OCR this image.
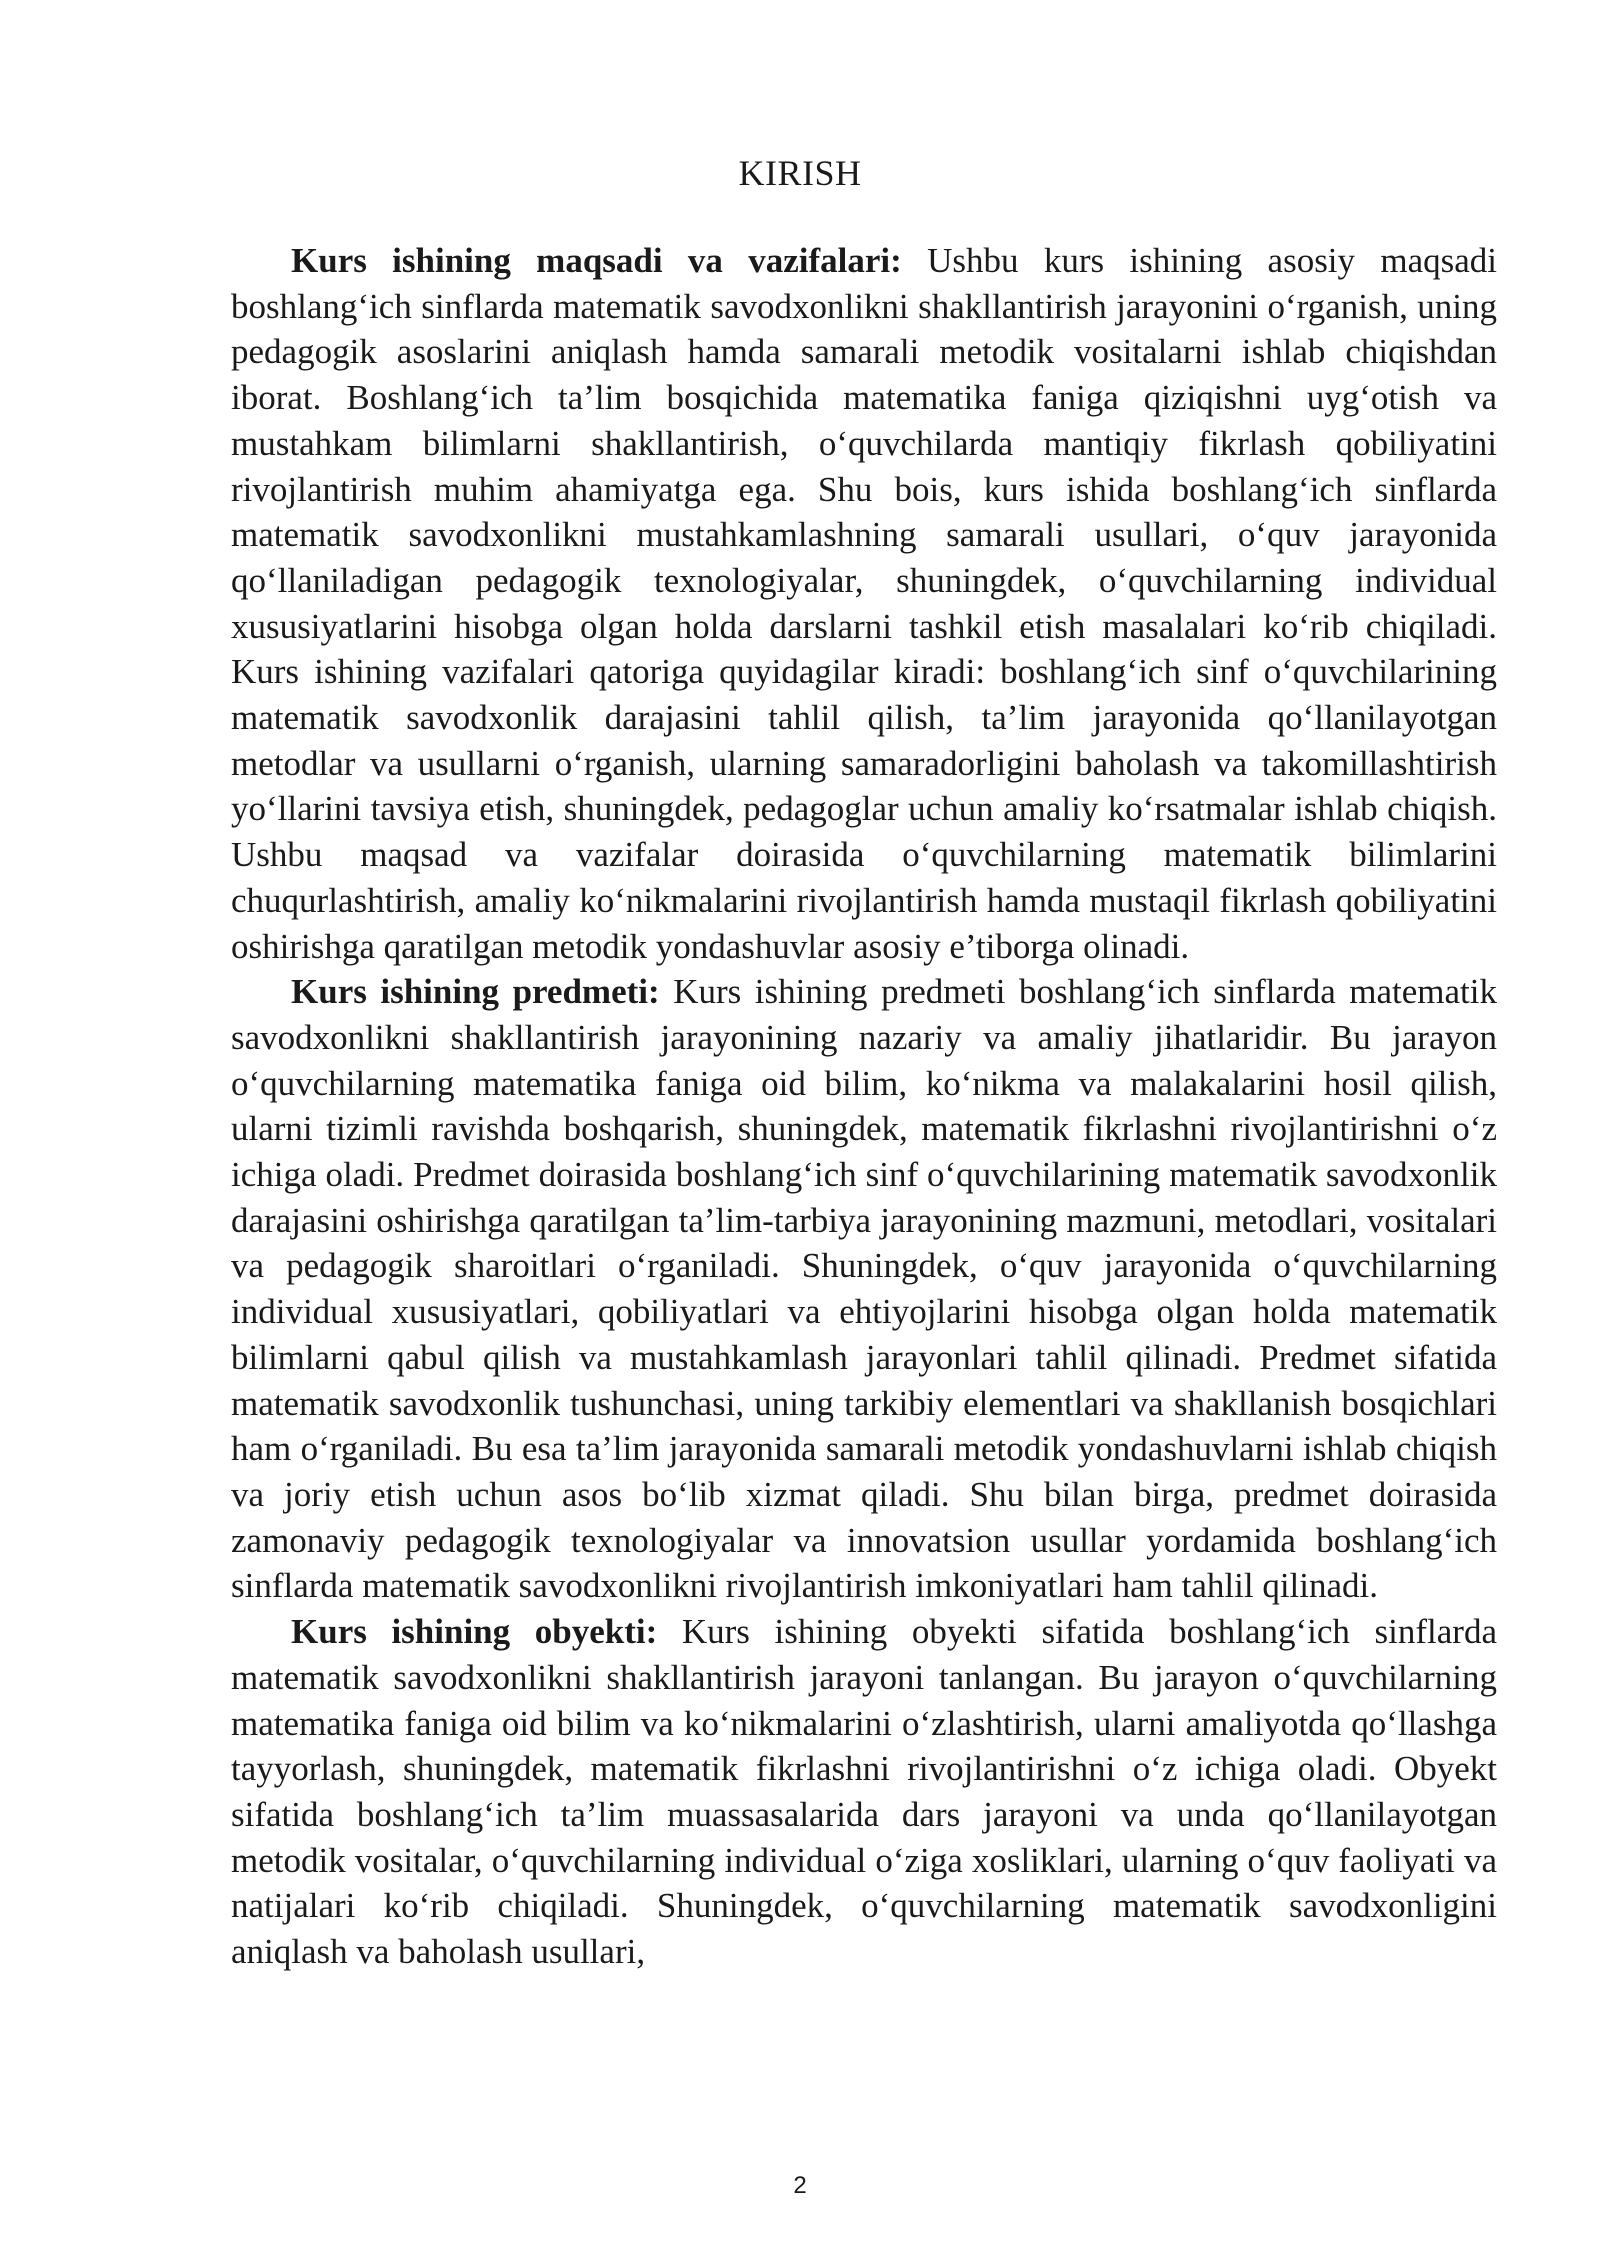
KIRISH

Kurs ishining maqsadi va vazifalari: Ushbu kurs ishining asosiy maqsadi boshlang‘ich sinflarda matematik savodxonlikni shakllantirish jarayonini o‘rganish, uning pedagogik asoslarini aniqlash hamda samarali metodik vositalarni ishlab chiqishdan iborat. Boshlang‘ich ta’lim bosqichida matematika faniga qiziqishni uyg‘otish va mustahkam bilimlarni shakllantirish, o‘quvchilarda mantiqiy fikrlash qobiliyatini rivojlantirish muhim ahamiyatga ega. Shu bois, kurs ishida boshlang‘ich sinflarda matematik savodxonlikni mustahkamlashning samarali usullari, o‘quv jarayonida qo‘llaniladigan pedagogik texnologiyalar, shuningdek, o‘quvchilarning individual xususiyatlarini hisobga olgan holda darslarni tashkil etish masalalari ko‘rib chiqiladi. Kurs ishining vazifalari qatoriga quyidagilar kiradi: boshlang‘ich sinf o‘quvchilarining matematik savodxonlik darajasini tahlil qilish, ta’lim jarayonida qo‘llanilayotgan metodlar va usullarni o‘rganish, ularning samaradorligini baholash va takomillashtirish yo‘llarini tavsiya etish, shuningdek, pedagoglar uchun amaliy ko‘rsatmalar ishlab chiqish. Ushbu maqsad va vazifalar doirasida o‘quvchilarning matematik bilimlarini chuqurlashtirish, amaliy ko‘nikmalarini rivojlantirish hamda mustaqil fikrlash qobiliyatini oshirishga qaratilgan metodik yondashuvlar asosiy e’tiborga olinadi.

Kurs ishining predmeti: Kurs ishining predmeti boshlang‘ich sinflarda matematik savodxonlikni shakllantirish jarayonining nazariy va amaliy jihatlaridir. Bu jarayon o‘quvchilarning matematika faniga oid bilim, ko‘nikma va malakalarini hosil qilish, ularni tizimli ravishda boshqarish, shuningdek, matematik fikrlashni rivojlantirishni o‘z ichiga oladi. Predmet doirasida boshlang‘ich sinf o‘quvchilarining matematik savodxonlik darajasini oshirishga qaratilgan ta’lim-tarbiya jarayonining mazmuni, metodlari, vositalari va pedagogik sharoitlari o‘rganiladi. Shuningdek, o‘quv jarayonida o‘quvchilarning individual xususiyatlari, qobiliyatlari va ehtiyojlarini hisobga olgan holda matematik bilimlarni qabul qilish va mustahkamlash jarayonlari tahlil qilinadi. Predmet sifatida matematik savodxonlik tushunchasi, uning tarkibiy elementlari va shakllanish bosqichlari ham o‘rganiladi. Bu esa ta’lim jarayonida samarali metodik yondashuvlarni ishlab chiqish va joriy etish uchun asos bo‘lib xizmat qiladi. Shu bilan birga, predmet doirasida zamonaviy pedagogik texnologiyalar va innovatsion usullar yordamida boshlang‘ich sinflarda matematik savodxonlikni rivojlantirish imkoniyatlari ham tahlil qilinadi.

Kurs ishining obyekti: Kurs ishining obyekti sifatida boshlang‘ich sinflarda matematik savodxonlikni shakllantirish jarayoni tanlangan. Bu jarayon o‘quvchilarning matematika faniga oid bilim va ko‘nikmalarini o‘zlashtirish, ularni amaliyotda qo‘llashga tayyorlash, shuningdek, matematik fikrlashni rivojlantirishni o‘z ichiga oladi. Obyekt sifatida boshlang‘ich ta’lim muassasalarida dars jarayoni va unda qo‘llanilayotgan metodik vositalar, o‘quvchilarning individual o‘ziga xosliklari, ularning o‘quv faoliyati va natijalari ko‘rib chiqiladi. Shuningdek, o‘quvchilarning matematik savodxonligini aniqlash va baholash usullari,

2
